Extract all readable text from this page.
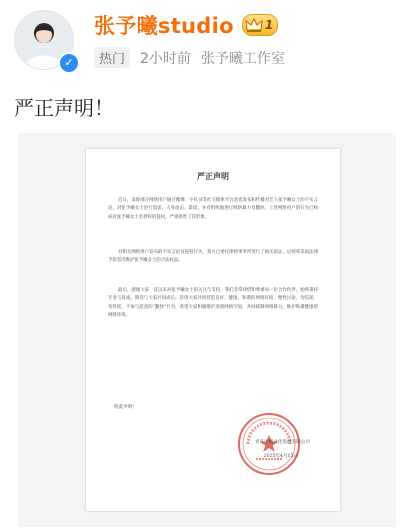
✓
张予曦studio	1
热门	2小时前 张予曦工作室
严正声明！
严正声明
近日，发现部分网络用户通过微博、小红书等社交媒体平台恶意发布和传播对艺人张予曦女士的不实言论，对张予曦女士进行造谣、人身攻击、诽谤，并有组织地进行网络暴力及翻炒。上述网络用户的行为已构成对张予曦女士名誉权的侵权，严重损害了其形象。
对相关网络用户发布的不实言论及侵权行为，我方已委托律师事务所进行了相关取证，后续将采取法律手段坚决维护张予曦女士的合法权益。
最后，感谢大家一直以来对张予曦女士的关注与支持，我们非常珍惜和尊重每一位合作伙伴，始终秉持专业与真诚，期待与大家共同成长。恳请大家共同营造良好、健康、和谐的网络环境，理性讨论，勿信谣、勿传谣，不参与恶意的“翻炒”行为，希望大家积极维护清朗网络空间，共同抵制网络暴力，维护和谐健康的网络环境。
特此声明！
青岛予曦文化发展有限公司
2025年4月15日
